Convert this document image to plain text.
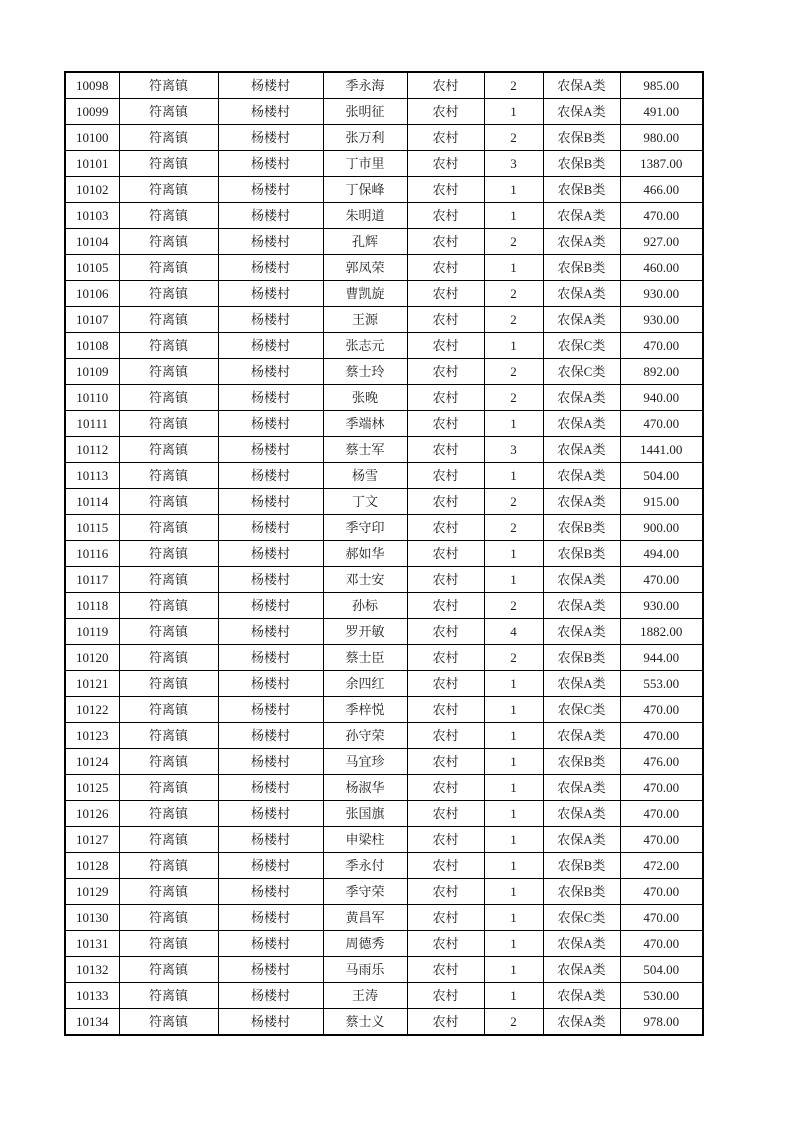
10098	符离镇	杨楼村	季永海	农村	2	农保A类	985.00
10099	符离镇	杨楼村	张明征	农村	1	农保A类	491.00
10100	符离镇	杨楼村	张万利	农村	2	农保B类	980.00
10101	符离镇	杨楼村	丁市里	农村	3	农保B类	1387.00
10102	符离镇	杨楼村	丁保峰	农村	1	农保B类	466.00
10103	符离镇	杨楼村	朱明道	农村	1	农保A类	470.00
10104	符离镇	杨楼村	孔辉	农村	2	农保A类	927.00
10105	符离镇	杨楼村	郭凤荣	农村	1	农保B类	460.00
10106	符离镇	杨楼村	曹凯旋	农村	2	农保A类	930.00
10107	符离镇	杨楼村	王源	农村	2	农保A类	930.00
10108	符离镇	杨楼村	张志元	农村	1	农保C类	470.00
10109	符离镇	杨楼村	蔡士玲	农村	2	农保C类	892.00
10110	符离镇	杨楼村	张晚	农村	2	农保A类	940.00
10111	符离镇	杨楼村	季端林	农村	1	农保A类	470.00
10112	符离镇	杨楼村	蔡士军	农村	3	农保A类	1441.00
10113	符离镇	杨楼村	杨雪	农村	1	农保A类	504.00
10114	符离镇	杨楼村	丁文	农村	2	农保A类	915.00
10115	符离镇	杨楼村	季守印	农村	2	农保B类	900.00
10116	符离镇	杨楼村	郝如华	农村	1	农保B类	494.00
10117	符离镇	杨楼村	邓士安	农村	1	农保A类	470.00
10118	符离镇	杨楼村	孙标	农村	2	农保A类	930.00
10119	符离镇	杨楼村	罗开敏	农村	4	农保A类	1882.00
10120	符离镇	杨楼村	蔡士臣	农村	2	农保B类	944.00
10121	符离镇	杨楼村	余四红	农村	1	农保A类	553.00
10122	符离镇	杨楼村	季梓悦	农村	1	农保C类	470.00
10123	符离镇	杨楼村	孙守荣	农村	1	农保A类	470.00
10124	符离镇	杨楼村	马宜珍	农村	1	农保B类	476.00
10125	符离镇	杨楼村	杨淑华	农村	1	农保A类	470.00
10126	符离镇	杨楼村	张国旗	农村	1	农保A类	470.00
10127	符离镇	杨楼村	申梁柱	农村	1	农保A类	470.00
10128	符离镇	杨楼村	季永付	农村	1	农保B类	472.00
10129	符离镇	杨楼村	季守荣	农村	1	农保B类	470.00
10130	符离镇	杨楼村	黄昌军	农村	1	农保C类	470.00
10131	符离镇	杨楼村	周德秀	农村	1	农保A类	470.00
10132	符离镇	杨楼村	马雨乐	农村	1	农保A类	504.00
10133	符离镇	杨楼村	王涛	农村	1	农保A类	530.00
10134	符离镇	杨楼村	蔡士义	农村	2	农保A类	978.00
